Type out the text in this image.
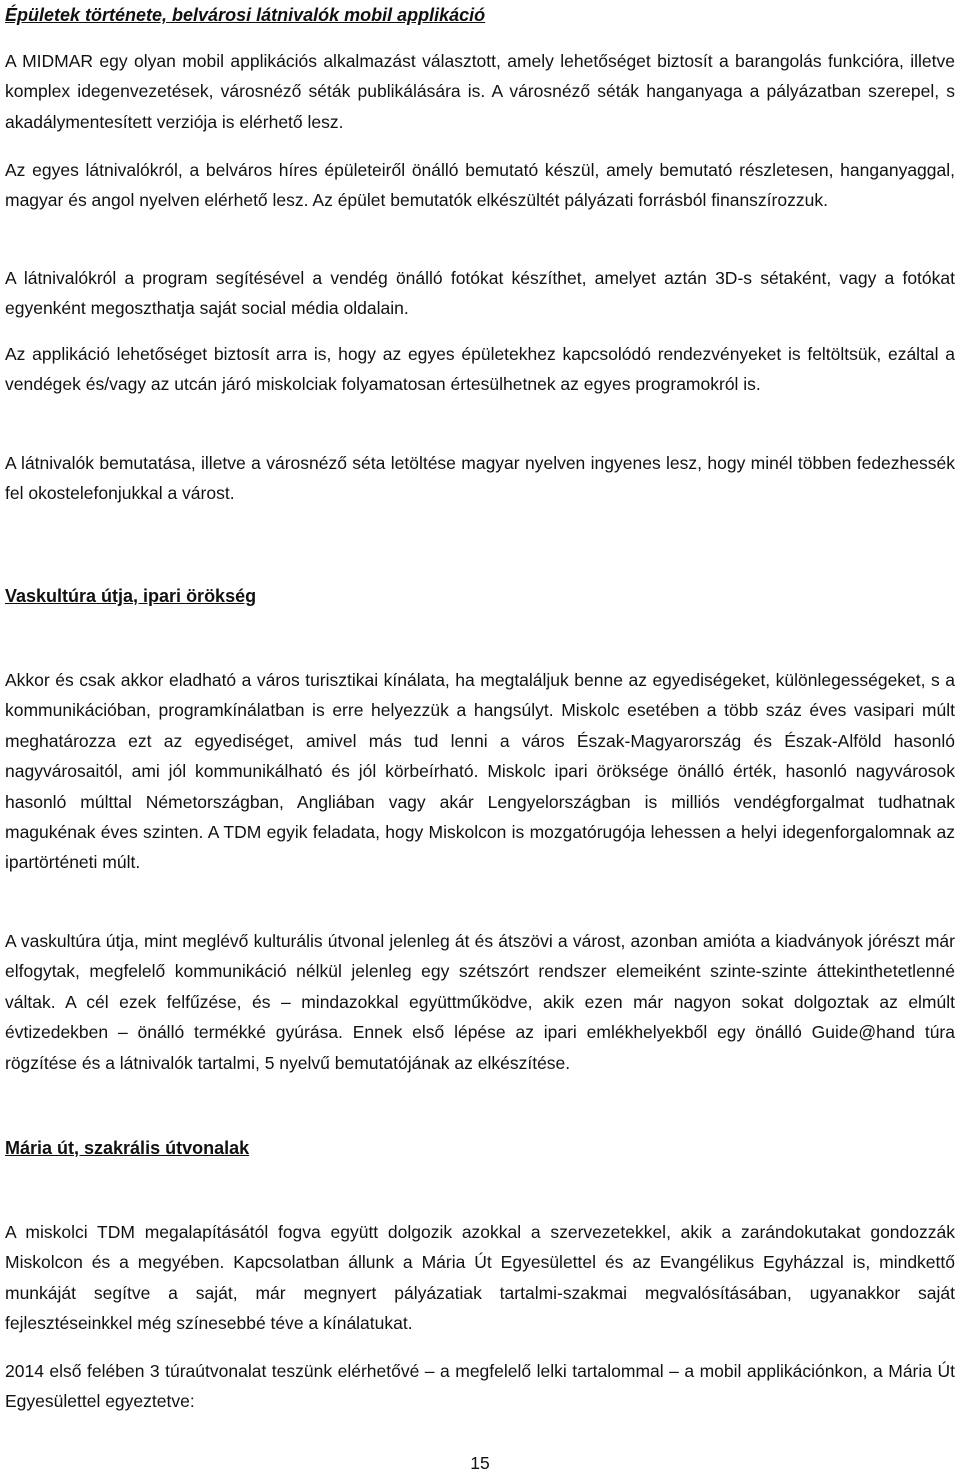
Épületek története, belvárosi látnivalók mobil applikáció

A MIDMAR egy olyan mobil applikációs alkalmazást választott, amely lehetőséget biztosít a barangolás funkcióra, illetve komplex idegenvezetések, városnéző séták publikálására is. A városnéző séták hanganyaga a pályázatban szerepel, s akadálymentesített verziója is elérhető lesz.

Az egyes látnivalókról, a belváros híres épületeiről önálló bemutató készül, amely bemutató részletesen, hanganyaggal, magyar és angol nyelven elérhető lesz. Az épület bemutatók elkészültét pályázati forrásból finanszírozzuk.

A látnivalókról a program segítésével a vendég önálló fotókat készíthet, amelyet aztán 3D-s sétaként, vagy a fotókat egyenként megoszthatja saját social média oldalain.

Az applikáció lehetőséget biztosít arra is, hogy az egyes épületekhez kapcsolódó rendezvényeket is feltöltsük, ezáltal a vendégek és/vagy az utcán járó miskolciak folyamatosan értesülhetnek az egyes programokról is.

A látnivalók bemutatása, illetve a városnéző séta letöltése magyar nyelven ingyenes lesz, hogy minél többen fedezhessék fel okostelefonjukkal a várost.

Vaskultúra útja, ipari örökség

Akkor és csak akkor eladható a város turisztikai kínálata, ha megtaláljuk benne az egyediségeket, különlegességeket, s a kommunikációban, programkínálatban is erre helyezzük a hangsúlyt. Miskolc esetében a több száz éves vasipari múlt meghatározza ezt az egyediséget, amivel más tud lenni a város Észak-Magyarország és Észak-Alföld hasonló nagyvárosaitól, ami jól kommunikálható és jól körbeírható. Miskolc ipari öröksége önálló érték, hasonló nagyvárosok hasonló múlttal Németországban, Angliában vagy akár Lengyelországban is milliós vendégforgalmat tudhatnak magukénak éves szinten. A TDM egyik feladata, hogy Miskolcon is mozgatórugója lehessen a helyi idegenforgalomnak az ipartörténeti múlt.

A vaskultúra útja, mint meglévő kulturális útvonal jelenleg át és átszövi a várost, azonban amióta a kiadványok jórészt már elfogytak, megfelelő kommunikáció nélkül jelenleg egy szétszórt rendszer elemeiként szinte-szinte áttekinthetetlenné váltak. A cél ezek felfűzése, és – mindazokkal együttműködve, akik ezen már nagyon sokat dolgoztak az elmúlt évtizedekben – önálló termékké gyúrása. Ennek első lépése az ipari emlékhelyekből egy önálló Guide@hand túra rögzítése és a látnivalók tartalmi, 5 nyelvű bemutatójának az elkészítése.

Mária út, szakrális útvonalak

A miskolci TDM megalapításától fogva együtt dolgozik azokkal a szervezetekkel, akik a zarándokutakat gondozzák Miskolcon és a megyében. Kapcsolatban állunk a Mária Út Egyesülettel és az Evangélikus Egyházzal is, mindkettő munkáját segítve a saját, már megnyert pályázatiak tartalmi-szakmai megvalósításában, ugyanakkor saját fejlesztéseinkkel még színesebbé téve a kínálatukat.

2014 első felében 3 túraútvonalat teszünk elérhetővé – a megfelelő lelki tartalommal – a mobil applikációnkon, a Mária Út Egyesülettel egyeztetve:

15
